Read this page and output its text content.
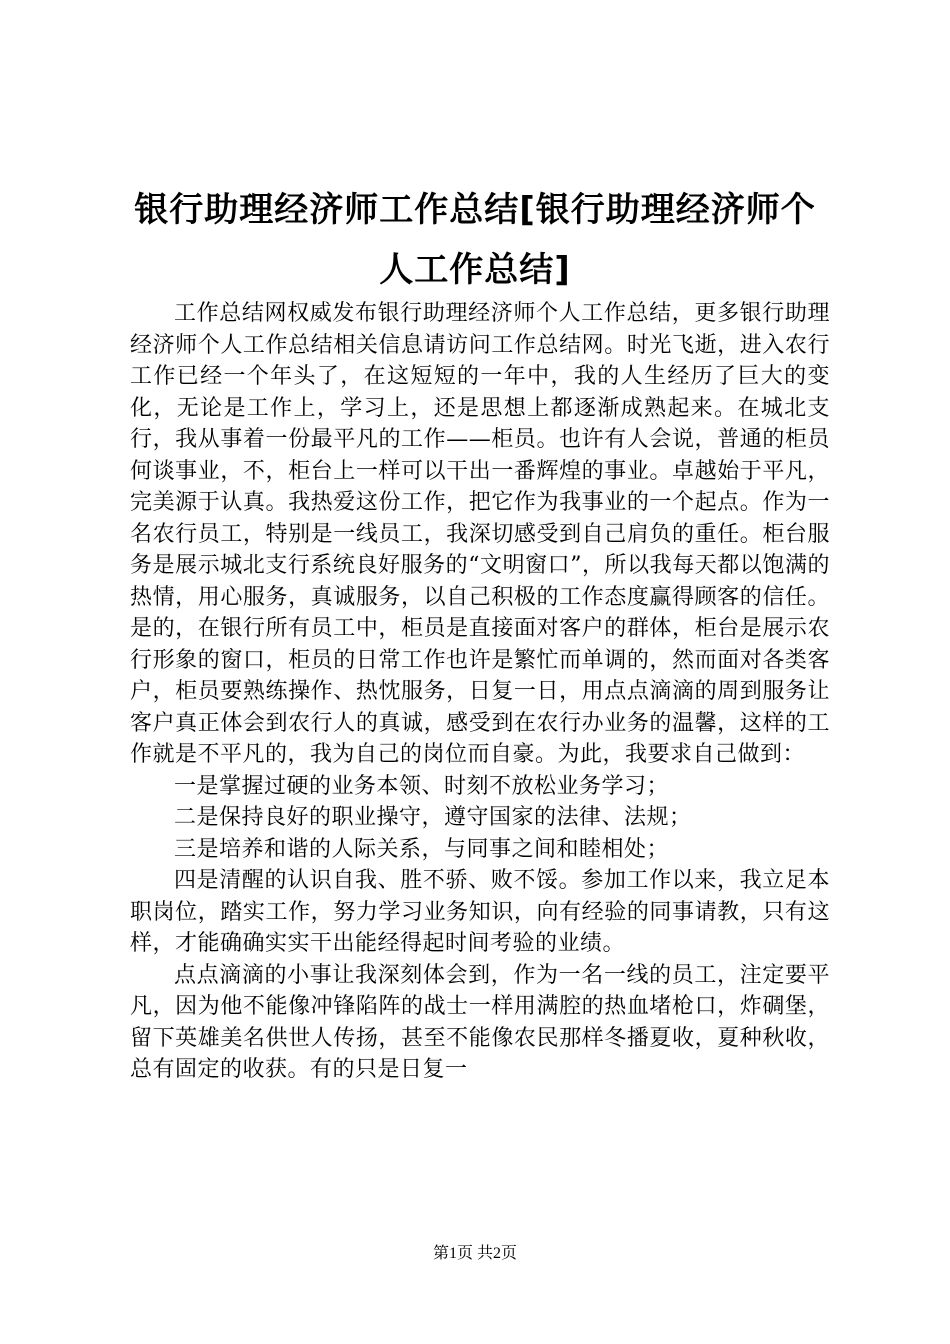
银行助理经济师工作总结[银行助理经济师个
人工作总结]

工作总结网权威发布银行助理经济师个人工作总结，更多银行助理经济师个人工作总结相关信息请访问工作总结网。时光飞逝，进入农行工作已经一个年头了，在这短短的一年中，我的人生经历了巨大的变化，无论是工作上，学习上，还是思想上都逐渐成熟起来。在城北支行，我从事着一份最平凡的工作——柜员。也许有人会说，普通的柜员何谈事业，不，柜台上一样可以干出一番辉煌的事业。卓越始于平凡，完美源于认真。我热爱这份工作，把它作为我事业的一个起点。作为一名农行员工，特别是一线员工，我深切感受到自己肩负的重任。柜台服务是展示城北支行系统良好服务的“文明窗口”，所以我每天都以饱满的热情，用心服务，真诚服务，以自己积极的工作态度赢得顾客的信任。是的，在银行所有员工中，柜员是直接面对客户的群体，柜台是展示农行形象的窗口，柜员的日常工作也许是繁忙而单调的，然而面对各类客户，柜员要熟练操作、热忱服务，日复一日，用点点滴滴的周到服务让客户真正体会到农行人的真诚，感受到在农行办业务的温馨，这样的工作就是不平凡的，我为自己的岗位而自豪。为此，我要求自己做到：

一是掌握过硬的业务本领、时刻不放松业务学习；

二是保持良好的职业操守，遵守国家的法律、法规；

三是培养和谐的人际关系，与同事之间和睦相处；

四是清醒的认识自我、胜不骄、败不馁。参加工作以来，我立足本职岗位，踏实工作，努力学习业务知识，向有经验的同事请教，只有这样，才能确确实实干出能经得起时间考验的业绩。

点点滴滴的小事让我深刻体会到，作为一名一线的员工，注定要平凡，因为他不能像冲锋陷阵的战士一样用满腔的热血堵枪口，炸碉堡，留下英雄美名供世人传扬，甚至不能像农民那样冬播夏收，夏种秋收，总有固定的收获。有的只是日复一

第1页 共2页
